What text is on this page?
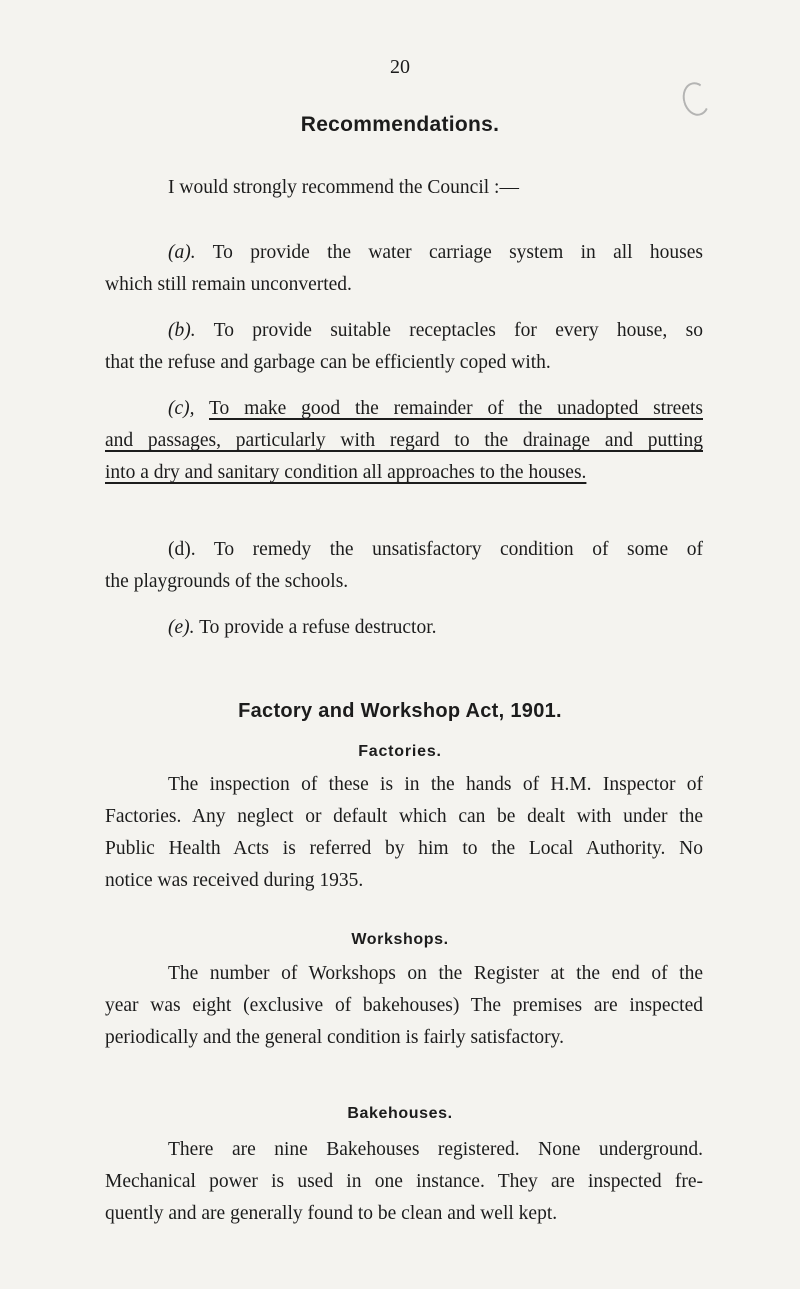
20
Recommendations.

I would strongly recommend the Council :—

(a). To provide the water carriage system in all houses
which still remain unconverted.

(b). To provide suitable receptacles for every house, so
that the refuse and garbage can be efficiently coped with.

(c), To make good the remainder of the unadopted streets
and passages, particularly with regard to the drainage and putting
into a dry and sanitary condition all approaches to the houses.

(d). To remedy the unsatisfactory condition of some of
the playgrounds of the schools.

(e). To provide a refuse destructor.

Factory and Workshop Act, 1901.
Factories.

The inspection of these is in the hands of H.M. Inspector of
Factories. Any neglect or default which can be dealt with under the
Public Health Acts is referred by him to the Local Authority. No
notice was received during 1935.

Workshops.

The number of Workshops on the Register at the end of the
year was eight (exclusive of bakehouses) The premises are inspected
periodically and the general condition is fairly satisfactory.

Bakehouses.

There are nine Bakehouses registered. None underground.
Mechanical power is used in one instance. They are inspected fre-
quently and are generally found to be clean and well kept.
